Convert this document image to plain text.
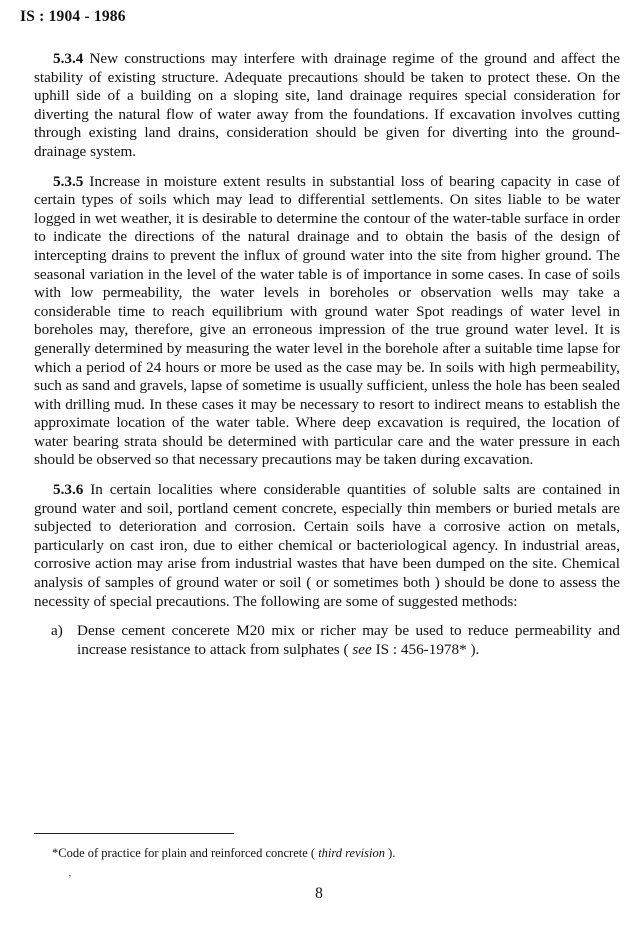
IS : 1904 - 1986

5.3.4 New constructions may interfere with drainage regime of the ground and affect the stability of existing structure. Adequate precautions should be taken to protect these. On the uphill side of a building on a sloping site, land drainage requires special consideration for diverting the natural flow of water away from the foundations. If excavation involves cutting through existing land drains, consideration should be given for diverting into the ground-drainage system.

5.3.5 Increase in moisture extent results in substantial loss of bearing capacity in case of certain types of soils which may lead to differential settlements. On sites liable to be water logged in wet weather, it is desirable to determine the contour of the water-table surface in order to indicate the directions of the natural drainage and to obtain the basis of the design of intercepting drains to prevent the influx of ground water into the site from higher ground. The seasonal variation in the level of the water table is of importance in some cases. In case of soils with low permeability, the water levels in boreholes or observation wells may take a considerable time to reach equilibrium with ground water Spot readings of water level in boreholes may, therefore, give an erroneous impression of the true ground water level. It is generally determined by measuring the water level in the borehole after a suitable time lapse for which a period of 24 hours or more be used as the case may be. In soils with high permeability, such as sand and gravels, lapse of sometime is usually sufficient, unless the hole has been sealed with drilling mud. In these cases it may be necessary to resort to indirect means to establish the approximate location of the water table. Where deep excavation is required, the location of water bearing strata should be determined with particular care and the water pressure in each should be observed so that necessary precautions may be taken during excavation.

5.3.6 In certain localities where considerable quantities of soluble salts are contained in ground water and soil, portland cement concrete, especially thin members or buried metals are subjected to deterioration and corrosion. Certain soils have a corrosive action on metals, particularly on cast iron, due to either chemical or bacteriological agency. In industrial areas, corrosive action may arise from industrial wastes that have been dumped on the site. Chemical analysis of samples of ground water or soil ( or sometimes both ) should be done to assess the necessity of special precautions. The following are some of suggested methods:

a) Dense cement concerete M20 mix or richer may be used to reduce permeability and increase resistance to attack from sulphates ( see IS : 456-1978* ).
*Code of practice for plain and reinforced concrete ( third revision ).
’
8
